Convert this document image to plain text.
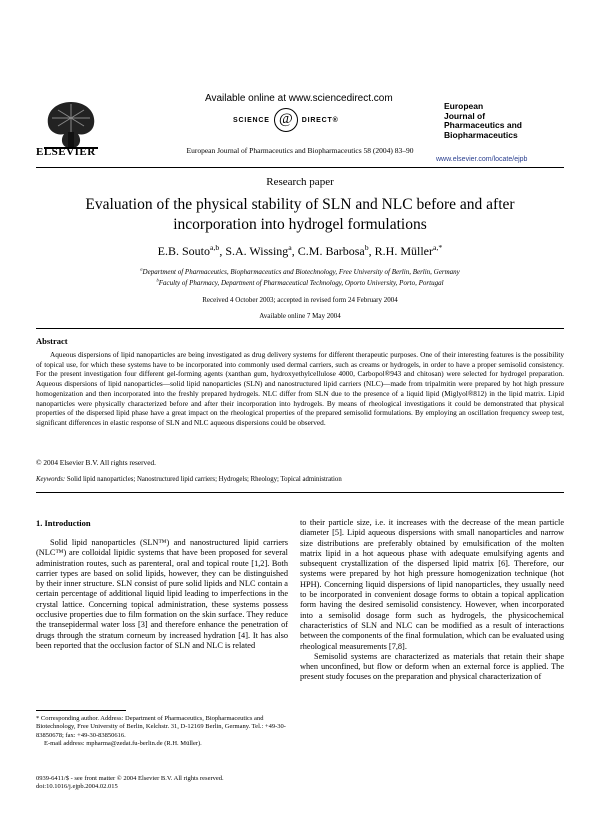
ELSEVIER
Available online at www.sciencedirect.com
SCIENCE @	DIRECT®
European Journal of Pharmaceutics and Biopharmaceutics 58 (2004) 83–90
European
Journal of
Pharmaceutics and
Biopharmaceutics
www.elsevier.com/locate/ejpb
Research paper
Evaluation of the physical stability of SLN and NLC before and after incorporation into hydrogel formulations
E.B. Souto$^{a,b}$, S.A. Wissing$^a$, C.M. Barbosa$^b$, R.H. Müller$^{a,*}$
$^a$Department of Pharmaceutics, Biopharmaceutics and Biotechnology, Free University of Berlin, Berlin, Germany
$^b$Faculty of Pharmacy, Department of Pharmaceutical Technology, Oporto University, Porto, Portugal
Received 4 October 2003; accepted in revised form 24 February 2004
Available online 7 May 2004
Abstract
Aqueous dispersions of lipid nanoparticles are being investigated as drug delivery systems for different therapeutic purposes. One of their interesting features is the possibility of topical use, for which these systems have to be incorporated into commonly used dermal carriers, such as creams or hydrogels, in order to have a proper semisolid consistency. For the present investigation four different gel-forming agents (xanthan gum, hydroxyethylcellulose 4000, Carbopol®943 and chitosan) were selected for hydrogel preparation. Aqueous dispersions of lipid nanoparticles—solid lipid nanoparticles (SLN) and nanostructured lipid carriers (NLC)—made from tripalmitin were prepared by hot high pressure homogenization and then incorporated into the freshly prepared hydrogels. NLC differ from SLN due to the presence of a liquid lipid (Miglyol®812) in the lipid matrix. Lipid nanoparticles were physically characterized before and after their incorporation into hydrogels. By means of rheological investigations it could be demonstrated that physical properties of the dispersed lipid phase have a great impact on the rheological properties of the prepared semisolid formulations. By employing an oscillation frequency sweep test, significant differences in elastic response of SLN and NLC aqueous dispersions could be observed.
© 2004 Elsevier B.V. All rights reserved.
Keywords: Solid lipid nanoparticles; Nanostructured lipid carriers; Hydrogels; Rheology; Topical administration
1. Introduction

Solid lipid nanoparticles (SLN™) and nanostructured lipid carriers (NLC™) are colloidal lipidic systems that have been proposed for several administration routes, such as parenteral, oral and topical route [1,2]. Both carrier types are based on solid lipids, however, they can be distinguished by their inner structure. SLN consist of pure solid lipids and NLC contain a certain percentage of additional liquid lipid leading to imperfections in the crystal lattice. Concerning topical administration, these systems possess occlusive properties due to film formation on the skin surface. They reduce the transepidermal water loss [3] and therefore enhance the penetration of drugs through the stratum corneum by increased hydration [4]. It has also been reported that the occlusion factor of SLN and NLC is related

to their particle size, i.e. it increases with the decrease of the mean particle diameter [5]. Lipid aqueous dispersions with small nanoparticles and narrow size distributions are preferably obtained by emulsification of the molten matrix lipid in a hot aqueous phase with adequate emulsifying agents and subsequent crystallization of the dispersed lipid matrix [6]. Therefore, our systems were prepared by hot high pressure homogenization technique (hot HPH). Concerning liquid dispersions of lipid nanoparticles, they usually need to be incorporated in convenient dosage forms to obtain a topical application form having the desired semisolid consistency. However, when incorporated into a semisolid dosage form such as hydrogels, the physicochemical characteristics of SLN and NLC can be modified as a result of interactions between the components of the final formulation, which can be evaluated using rheological measurements [7,8].

Semisolid systems are characterized as materials that retain their shape when unconfined, but flow or deform when an external force is applied. The present study focuses on the preparation and physical characterization of

* Corresponding author. Address: Department of Pharmaceutics, Biopharmaceutics and Biotechnology, Free University of Berlin, Kelchstr. 31, D-12169 Berlin, Germany. Tel.: +49-30-83850678; fax: +49-30-83850616.

E-mail address: mpharma@zedat.fu-berlin.de (R.H. Müller).

0939-6411/$ - see front matter © 2004 Elsevier B.V. All rights reserved.
doi:10.1016/j.ejpb.2004.02.015
